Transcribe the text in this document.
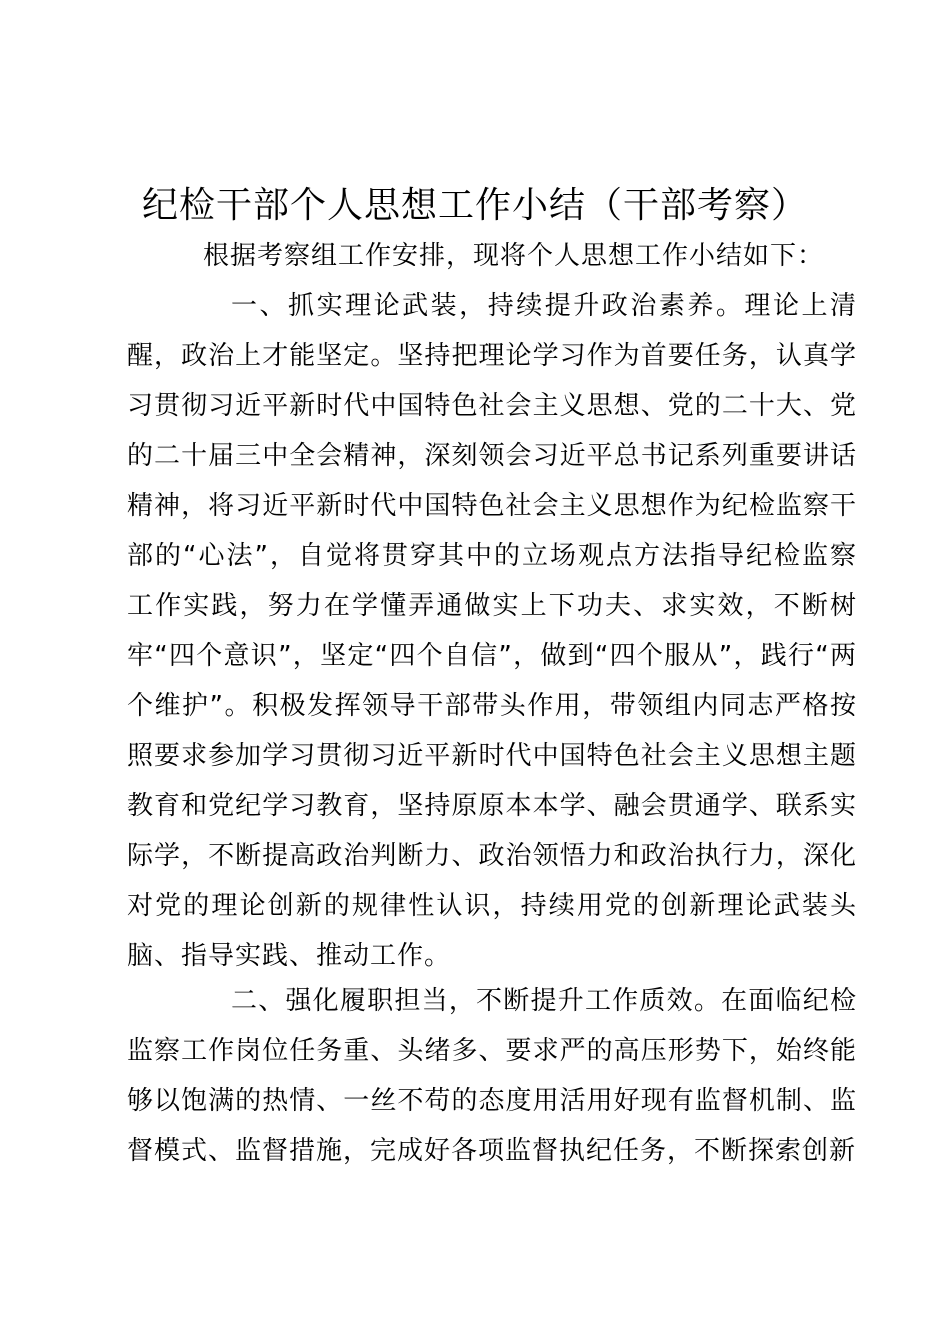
纪检干部个人思想工作小结（干部考察）
根据考察组工作安排，现将个人思想工作小结如下：

一、抓实理论武装，持续提升政治素养。理论上清醒，政治上才能坚定。坚持把理论学习作为首要任务，认真学习贯彻习近平新时代中国特色社会主义思想、党的二十大、党的二十届三中全会精神，深刻领会习近平总书记系列重要讲话精神，将习近平新时代中国特色社会主义思想作为纪检监察干部的“心法”，自觉将贯穿其中的立场观点方法指导纪检监察工作实践，努力在学懂弄通做实上下功夫、求实效，不断树牢“四个意识”，坚定“四个自信”，做到“四个服从”，践行“两个维护”。积极发挥领导干部带头作用，带领组内同志严格按照要求参加学习贯彻习近平新时代中国特色社会主义思想主题教育和党纪学习教育，坚持原原本本学、融会贯通学、联系实际学，不断提高政治判断力、政治领悟力和政治执行力，深化对党的理论创新的规律性认识，持续用党的创新理论武装头脑、指导实践、推动工作。

二、强化履职担当，不断提升工作质效。在面临纪检监察工作岗位任务重、头绪多、要求严的高压形势下，始终能够以饱满的热情、一丝不苟的态度用活用好现有监督机制、监督模式、监督措施，完成好各项监督执纪任务，不断探索创新
